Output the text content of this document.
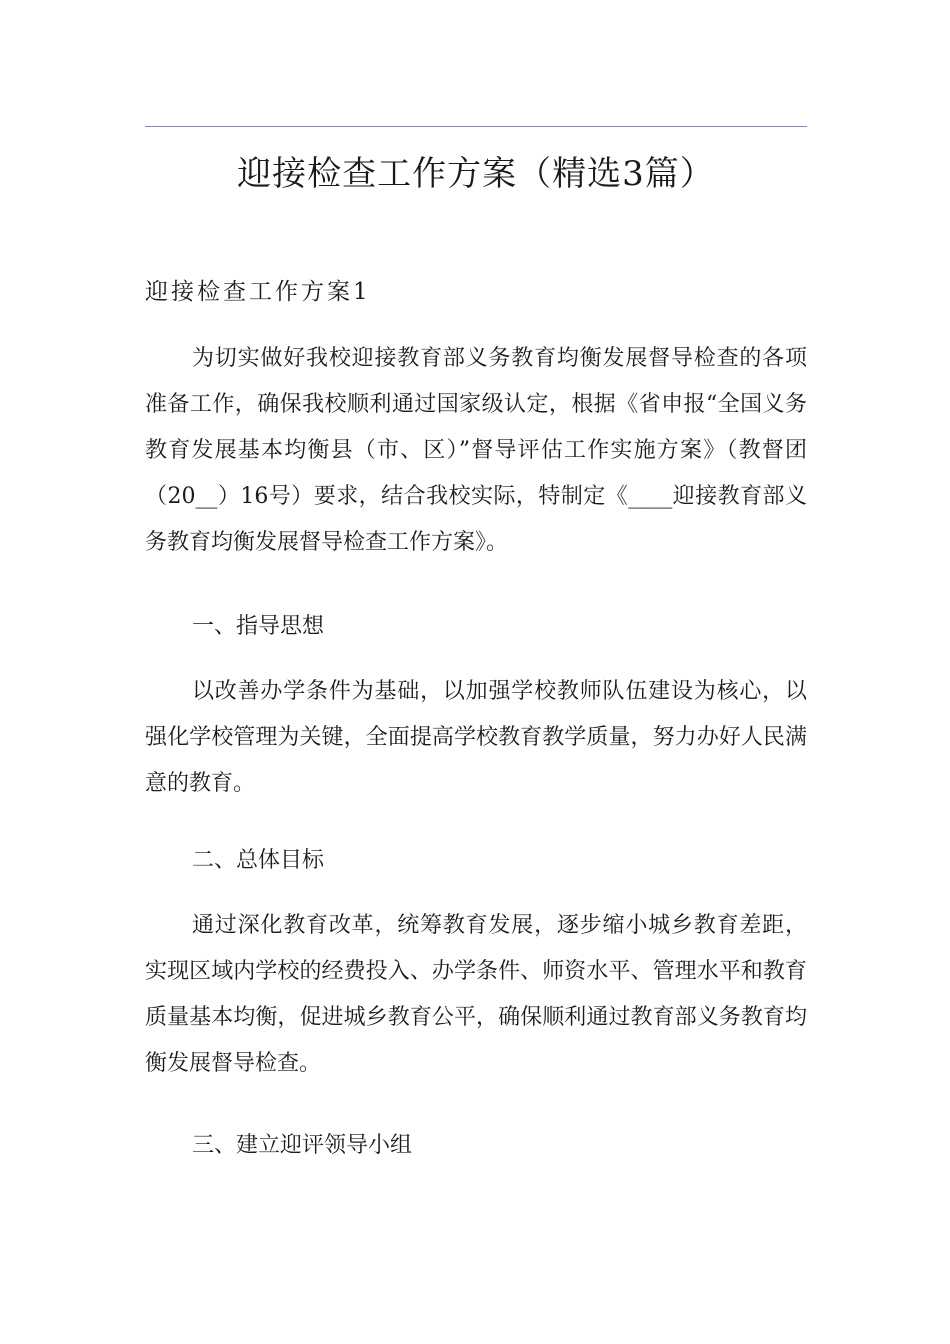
迎接检查工作方案（精选3篇）
迎接检查工作方案1

为切实做好我校迎接教育部义务教育均衡发展督导检查的各项准备工作，确保我校顺利通过国家级认定，根据《省申报“全国义务教育发展基本均衡县（市、区）”督导评估工作实施方案》（教督团（20__）16号）要求，结合我校实际，特制定《____迎接教育部义务教育均衡发展督导检查工作方案》。

一、指导思想

以改善办学条件为基础，以加强学校教师队伍建设为核心，以强化学校管理为关键，全面提高学校教育教学质量，努力办好人民满意的教育。

二、总体目标

通过深化教育改革，统筹教育发展，逐步缩小城乡教育差距，实现区域内学校的经费投入、办学条件、师资水平、管理水平和教育质量基本均衡，促进城乡教育公平，确保顺利通过教育部义务教育均衡发展督导检查。

三、建立迎评领导小组
